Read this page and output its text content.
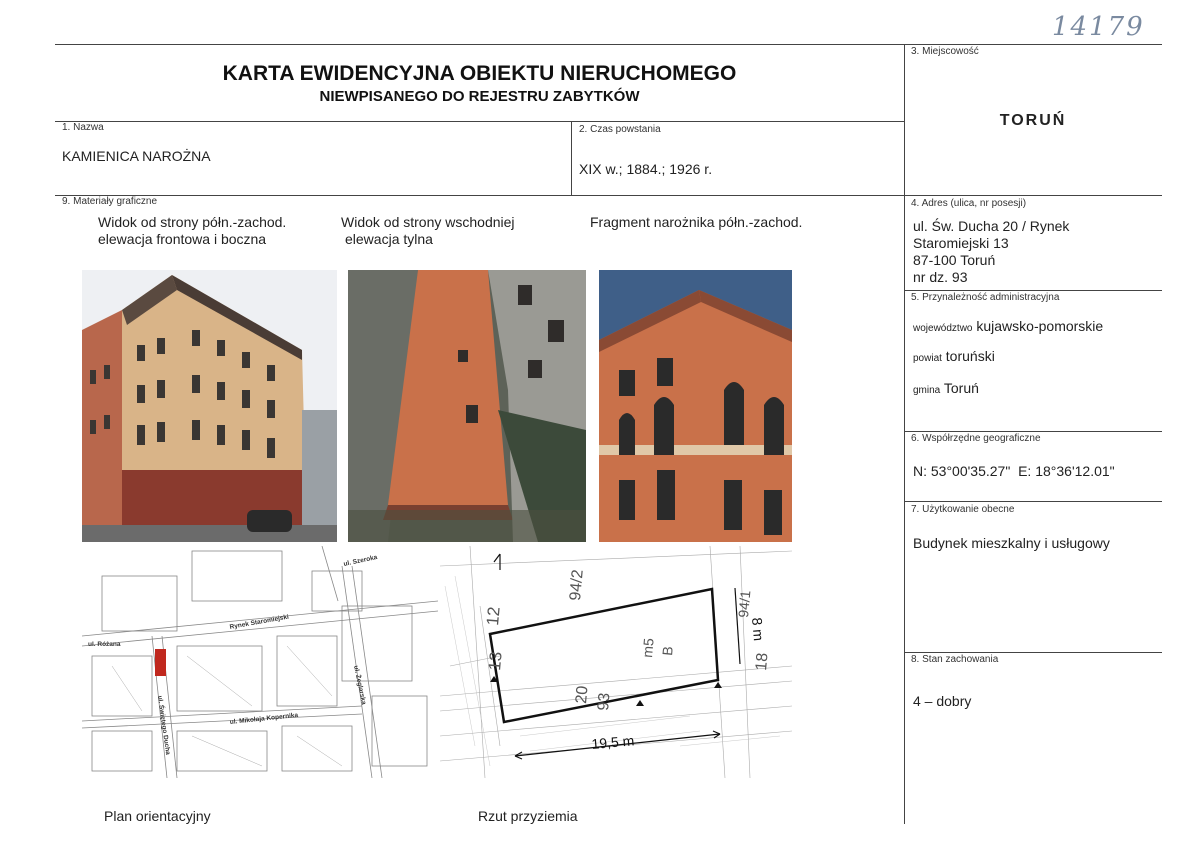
14179
KARTA EWIDENCYJNA OBIEKTU NIERUCHOMEGO
NIEWPISANEGO DO REJESTRU ZABYTKÓW
3. Miejscowość
TORUŃ
1. Nazwa
KAMIENICA NAROŻNA
2. Czas powstania
XIX w.; 1884.; 1926 r.
4. Adres (ulica, nr posesji)
ul. Św. Ducha 20 / Rynek
Staromiejski 13
87-100 Toruń
nr dz. 93
5. Przynależność administracyjna
województwo kujawsko-pomorskie
powiat toruński
gmina Toruń
6. Współrzędne geograficzne
N: 53°00'35.27"  E: 18°36'12.01"
7. Użytkowanie obecne
Budynek mieszkalny i usługowy
8. Stan zachowania
4 – dobry
9. Materiały graficzne
Widok od strony półn.-zachod.
elewacja frontowa i boczna
Widok od strony wschodniej
elewacja tylna
Fragment narożnika półn.-zachod.
ul. Szeroka
Rynek Staromiejski
ul. Różana
ul. Żeglarska
ul. Mikołaja Kopernika
ul. Świętego Ducha
12
13
94/2
94/1
93
20
m5 B
18
8 m
19,5 m
Plan orientacyjny	Rzut przyziemia
